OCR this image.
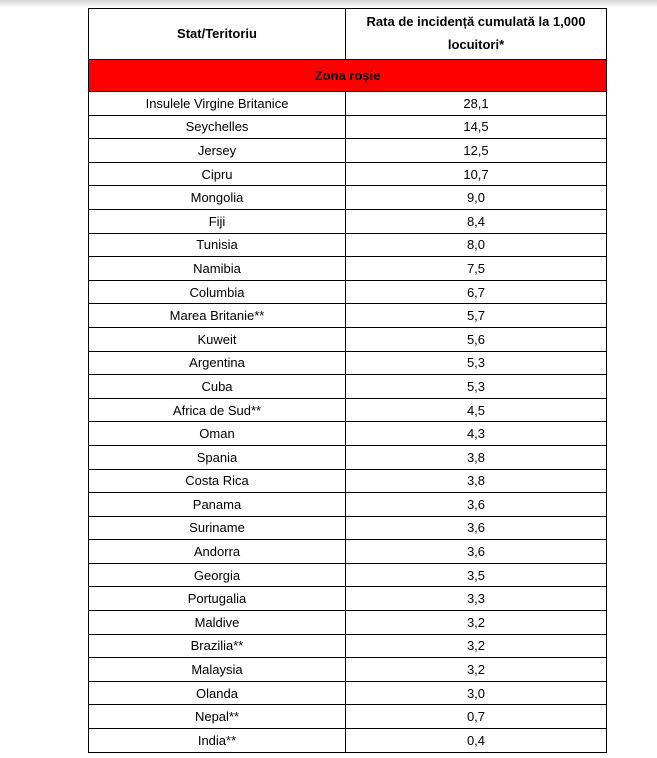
Stat/Teritoriu	Rata de incidență cumulată la 1,000 locuitori*
Zona roșie	
Insulele Virgine Britanice	28,1
Seychelles	14,5
Jersey	12,5
Cipru	10,7
Mongolia	9,0
Fiji	8,4
Tunisia	8,0
Namibia	7,5
Columbia	6,7
Marea Britanie**	5,7
Kuweit	5,6
Argentina	5,3
Cuba	5,3
Africa de Sud**	4,5
Oman	4,3
Spania	3,8
Costa Rica	3,8
Panama	3,6
Suriname	3,6
Andorra	3,6
Georgia	3,5
Portugalia	3,3
Maldive	3,2
Brazilia**	3,2
Malaysia	3,2
Olanda	3,0
Nepal**	0,7
India**	0,4
